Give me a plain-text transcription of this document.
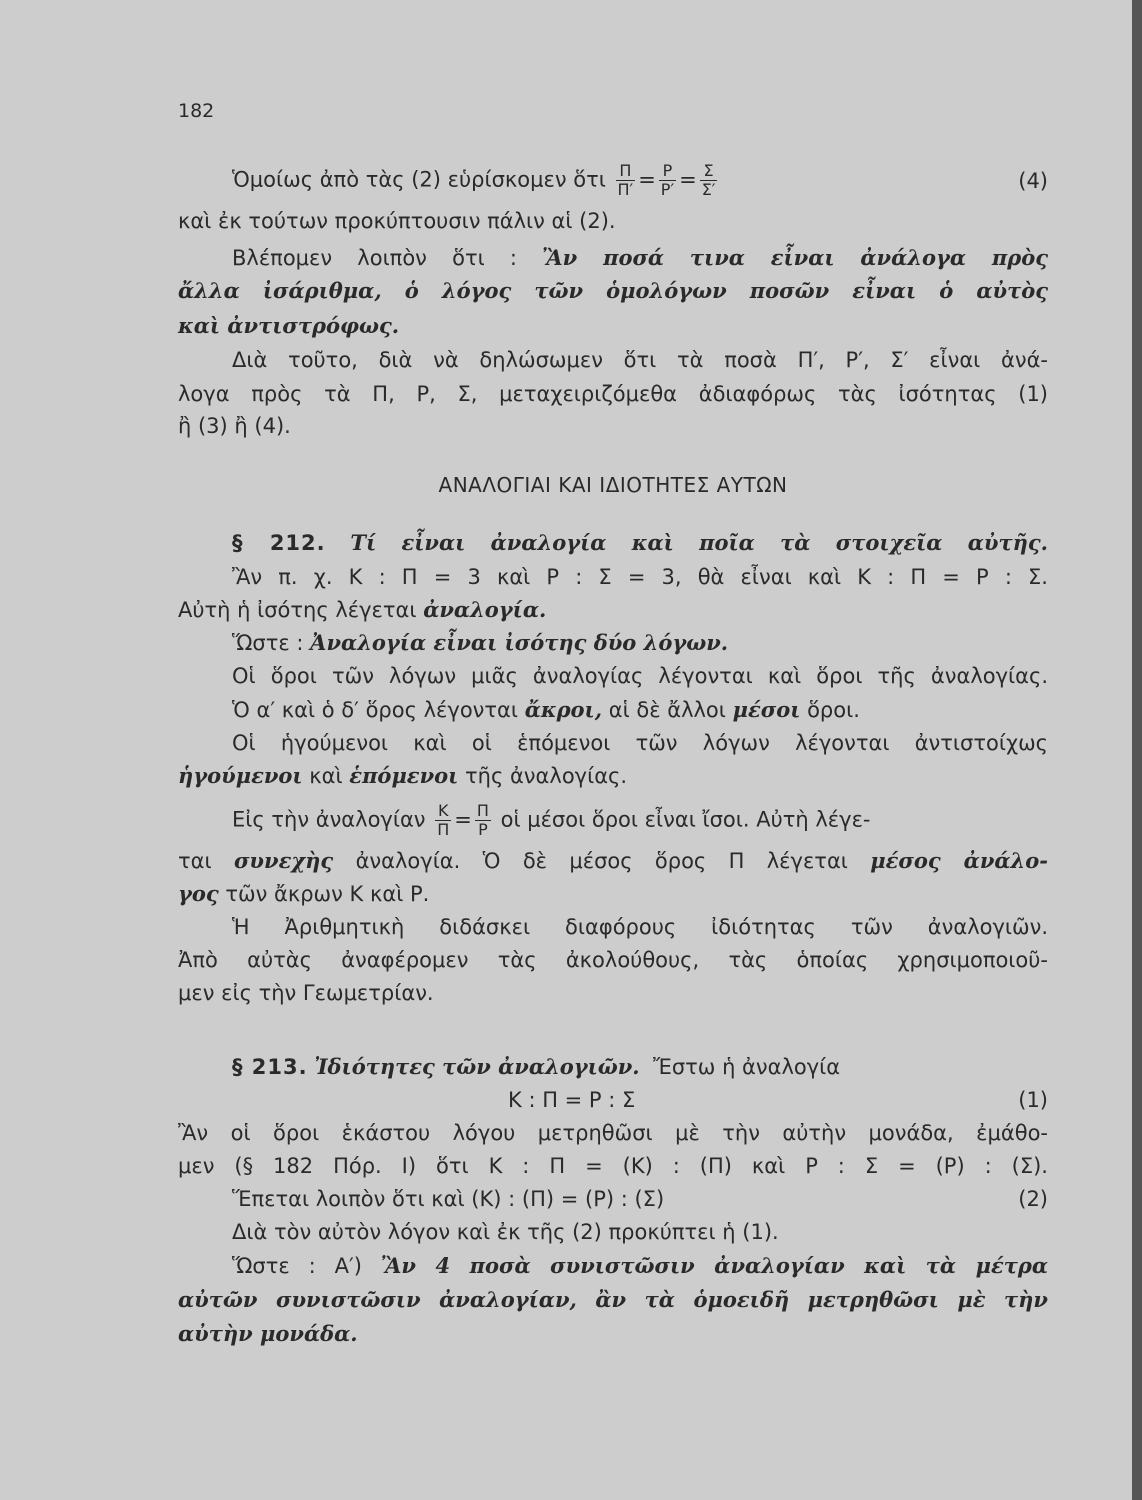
182
Ὁμοίως ἀπὸ τὰς (2) εὑρίσκομεν ὅτι $\frac{\Pi}{\Pi'} = \frac{P}{P'} = \frac{\Sigma}{\Sigma'}$	(4)
καὶ ἐκ τούτων προκύπτουσιν πάλιν αἱ (2).
Βλέπομεν λοιπὸν ὅτι : Ἂν ποσά τινα εἶναι ἀνάλογα πρὸς
ἄλλα ἰσάριθμα, ὁ λόγος τῶν ὁμολόγων ποσῶν εἶναι ὁ αὐτὸς
καὶ ἀντιστρόφως.
Διὰ τοῦτο, διὰ νὰ δηλώσωμεν ὅτι τὰ ποσὰ Π′, Ρ′, Σ′ εἶναι ἀνά-
λογα πρὸς τὰ Π, Ρ, Σ, μεταχειριζόμεθα ἀδιαφόρως τὰς ἰσότητας (1)
ἢ (3) ἢ (4).
ΑΝΑΛΟΓΙΑΙ ΚΑΙ ΙΔΙΟΤΗΤΕΣ ΑΥΤΩΝ
§ 212. Τί εἶναι ἀναλογία καὶ ποῖα τὰ στοιχεῖα αὐτῆς.
Ἂν π. χ. Κ : Π = 3 καὶ Ρ : Σ = 3, θὰ εἶναι καὶ Κ : Π = Ρ : Σ.
Αὐτὴ ἡ ἰσότης λέγεται ἀναλογία.
Ὥστε : Ἀναλογία εἶναι ἰσότης δύο λόγων.
Οἱ ὅροι τῶν λόγων μιᾶς ἀναλογίας λέγονται καὶ ὅροι τῆς ἀναλογίας.
Ὁ α′ καὶ ὁ δ′ ὅρος λέγονται ἄκροι, αἱ δὲ ἄλλοι μέσοι ὅροι.
Οἱ ἡγούμενοι καὶ οἱ ἑπόμενοι τῶν λόγων λέγονται ἀντιστοίχως
ἡγούμενοι καὶ ἑπόμενοι τῆς ἀναλογίας.
Εἰς τὴν ἀναλογίαν $\frac{K}{\Pi} = \frac{\Pi}{P}$ οἱ μέσοι ὅροι εἶναι ἴσοι. Αὐτὴ λέγε-
ται συνεχὴς ἀναλογία. Ὁ δὲ μέσος ὅρος Π λέγεται μέσος ἀνάλο-
γος τῶν ἄκρων Κ καὶ Ρ.
Ἡ Ἀριθμητικὴ διδάσκει διαφόρους ἰδιότητας τῶν ἀναλογιῶν.
Ἀπὸ αὐτὰς ἀναφέρομεν τὰς ἀκολούθους, τὰς ὁποίας χρησιμοποιοῦ-
μεν εἰς τὴν Γεωμετρίαν.
§ 213. Ἰδιότητες τῶν ἀναλογιῶν. Ἔστω ἡ ἀναλογία
Κ : Π = Ρ : Σ	(1)
Ἂν οἱ ὅροι ἑκάστου λόγου μετρηθῶσι μὲ τὴν αὐτὴν μονάδα, ἐμάθο-
μεν (§ 182 Πόρ. Ι) ὅτι Κ : Π = (Κ) : (Π) καὶ Ρ : Σ = (Ρ) : (Σ).
Ἕπεται λοιπὸν ὅτι καὶ (Κ) : (Π) = (Ρ) : (Σ)	(2)
Διὰ τὸν αὐτὸν λόγον καὶ ἐκ τῆς (2) προκύπτει ἡ (1).
Ὥστε : Α′) Ἂν 4 ποσὰ συνιστῶσιν ἀναλογίαν καὶ τὰ μέτρα
αὐτῶν συνιστῶσιν ἀναλογίαν, ἂν τὰ ὁμοειδῆ μετρηθῶσι μὲ τὴν
αὐτὴν μονάδα.
